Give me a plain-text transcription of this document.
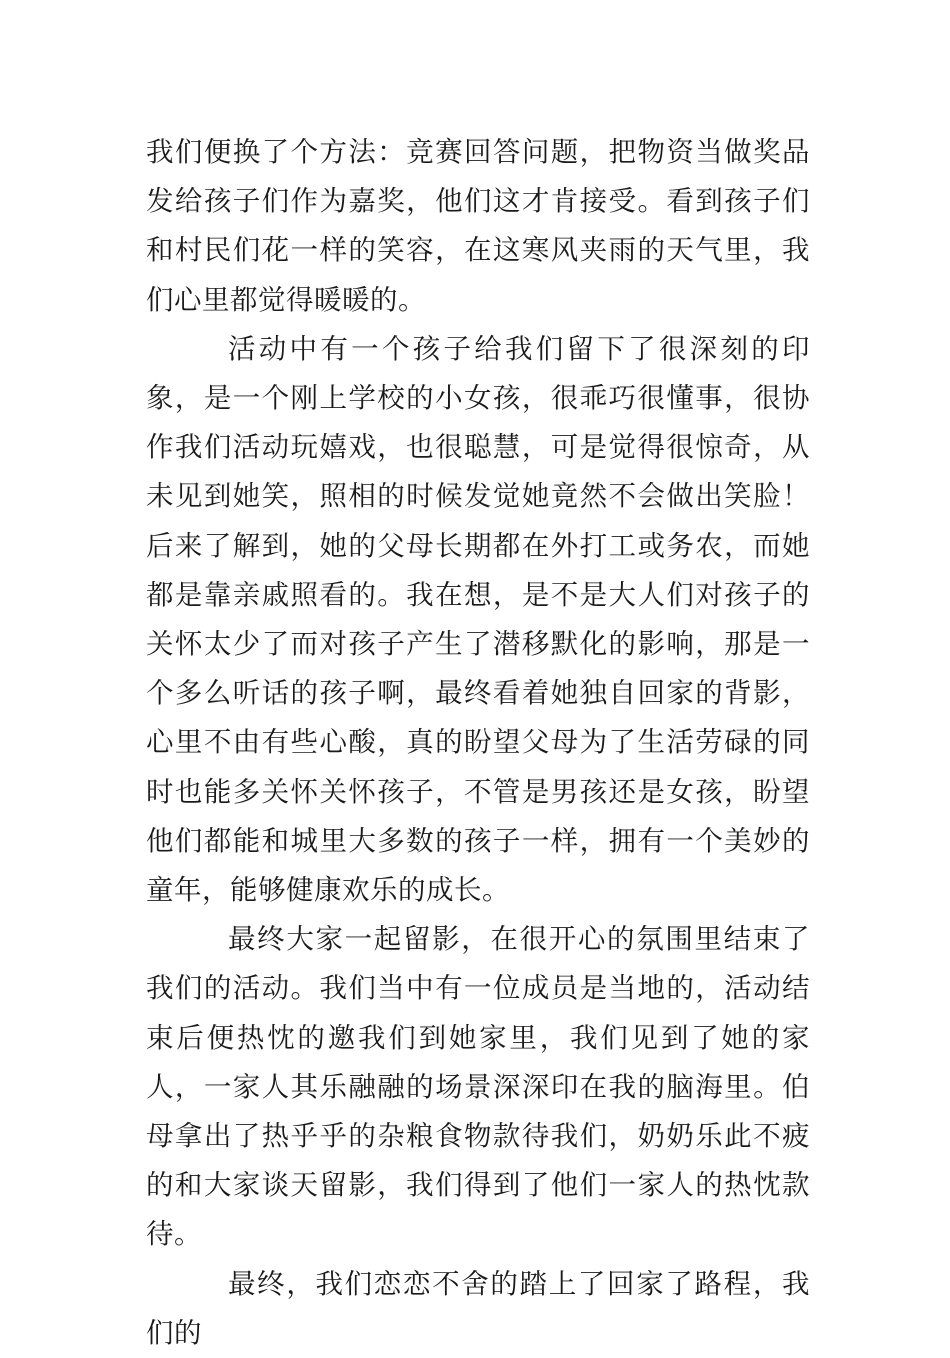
我们便换了个方法：竞赛回答问题，把物资当做奖品发给孩子们作为嘉奖，他们这才肯接受。看到孩子们和村民们花一样的笑容，在这寒风夹雨的天气里，我们心里都觉得暖暖的。

活动中有一个孩子给我们留下了很深刻的印象，是一个刚上学校的小女孩，很乖巧很懂事，很协作我们活动玩嬉戏，也很聪慧，可是觉得很惊奇，从未见到她笑，照相的时候发觉她竟然不会做出笑脸！后来了解到，她的父母长期都在外打工或务农，而她都是靠亲戚照看的。我在想，是不是大人们对孩子的关怀太少了而对孩子产生了潜移默化的影响，那是一个多么听话的孩子啊，最终看着她独自回家的背影，心里不由有些心酸，真的盼望父母为了生活劳碌的同时也能多关怀关怀孩子，不管是男孩还是女孩，盼望他们都能和城里大多数的孩子一样，拥有一个美妙的童年，能够健康欢乐的成长。

最终大家一起留影，在很开心的氛围里结束了我们的活动。我们当中有一位成员是当地的，活动结束后便热忱的邀我们到她家里，我们见到了她的家人，一家人其乐融融的场景深深印在我的脑海里。伯母拿出了热乎乎的杂粮食物款待我们，奶奶乐此不疲的和大家谈天留影，我们得到了他们一家人的热忱款待。

最终，我们恋恋不舍的踏上了回家了路程，我们的
